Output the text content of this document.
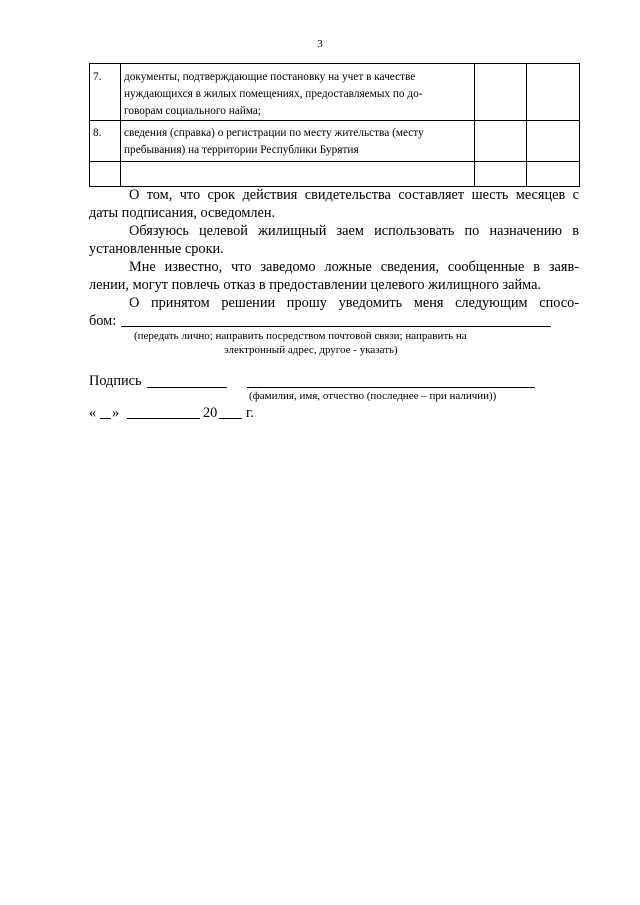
3
7.	документы, подтверждающие постановку на учет в качестве
нуждающихся в жилых помещениях, предоставляемых по до-
говорам социального найма;		

8.	сведения (справка) о регистрации по месту жительства (месту
пребывания) на территории Республики Бурятия		

О том, что срок действия свидетельства составляет шесть месяцев с
даты подписания, осведомлен.
Обязуюсь целевой жилищный заем использовать по назначению в
установленные сроки.
Мне известно, что заведомо ложные сведения, сообщенные в заяв-
лении, могут повлечь отказ в предоставлении целевого жилищного займа.
О принятом решении прошу уведомить меня следующим спосо-
бом:
(передать лично; направить посредством почтовой связи; направить на
электронный адрес, другое - указать)
Подпись
(фамилия, имя, отчество (последнее – при наличии))
« »	20 г.
